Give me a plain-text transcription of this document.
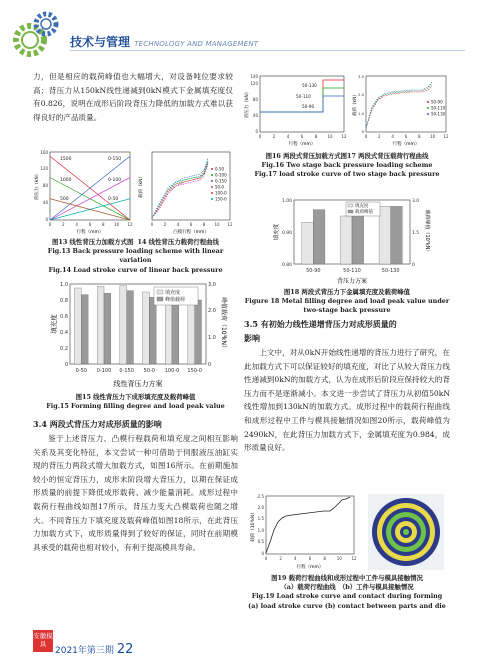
技术与管理 TECHNOLOGY AND MANAGEMENT

力，但是相应的载荷峰值也大幅增大，对设备吨位要求较高；背压力从150kN线性递减到0kN模式下金属填充度仅有0.826，说明在成形后阶段背压力降低的加载方式难以获得良好的产品质量。

1500	0-150
1000	0-100
500	0-50
0	2	4	6	8 10 12
0
40
80
120
160
行程（mm）
背压力（kN）
0-50
0-100
0-150
50-0
100-0
150-0
0	2	4	6	8 10 12
凸模行程（mm）
载荷（kN）
图13 线性背压力加载方式图 14 线性背压力载荷行程曲线
Fig.13 Back pressure loading scheme with linear variation
Fig.14 Load stroke curve of linear back pressure
填充度
峰值载荷
0
0.2
0.4
0.6
0.8
1.0
0
1.0
2.0
3.0
0-50 0-100 0-150 50-0 100-0 150-0
线性背压力方案
填充度	峰值载荷（10³kN）
图15 线性背压力下成形填充度及载荷峰值
Fig.15 Forming filling degree and load peak value
3.4 两段式背压力对成形质量的影响

鉴于上述背压力、凸模行程载荷和填充度之间相互影响关系及其变化特征，本文尝试一种可借助于伺服液压油缸实现的背压力两段式增大加载方式，如图16所示。在前期施加较小的恒定背压力，成形末阶段增大背压力，以期在保证成形质量的前提下降低成形载荷、减少能量消耗。成形过程中载荷行程曲线如图17所示，背压力变大凸模载荷也随之增大。不同背压力下填充度及载荷峰值如图18所示，在此背压力加载方式下，成形质量得到了较好的保证，同时在前期模具承受的载荷也相对较小，有利于提高模具寿命。

50-130
50-110
50-90
0	2	4	6	8	10 12
0
40
80
120
140
行程（mm）
背压力（kN）	50-90
50-110
50-130
0	2	4	6	8 10 12
0
1.0
2.0
3.0
行程（mm）
载荷（kN）
图16 两段式背压加载方式图17 两段式背压载荷行程曲线
Fig.16 Two stage back pressure loading scheme
Fig.17 load stroke curve of two stage back pressure
填充度
载荷峰值
0.80
0.90
1.00
0
1.5
3.0
50-90	50-110	50-130
背压力方案
填充度	载荷峰值（10³kN）
图18 两段式背压力下金属填充度及载荷峰值
Figure 18 Metal filling degree and load peak value under
two-stage back pressure
3.5 有初始力线性递增背压力对成形质量的
影响

上文中，对从0kN开始线性递增的背压力进行了研究，在此加载方式下可以保证较好的填充度，对比了从较大背压力线性递减到0kN的加载方式，认为在成形后阶段应保持较大的背压力而不是逐渐减小。本文进一步尝试了背压力从初值50kN线性增加到130kN的加载方式。成形过程中的载荷行程曲线和成形过程中工件与模具接触情况如图20所示，载荷峰值为2490kN，在此背压力加载方式下，金属填充度为0.984，成形质量良好。

0	2	4	6	8	10 12
0
0.5
1.0
1.5
2.0
2.5
行程（mm）
载荷（10³kN）
图19 载荷行程曲线和成形过程中工件与模具接触情况
（a）载荷行程曲线　（b）工件与模具接触情况
Fig.19 Load stroke curve and contact during forming
(a) load stroke curve (b) contact between parts and die
安徽模具
2021年第三期 22
